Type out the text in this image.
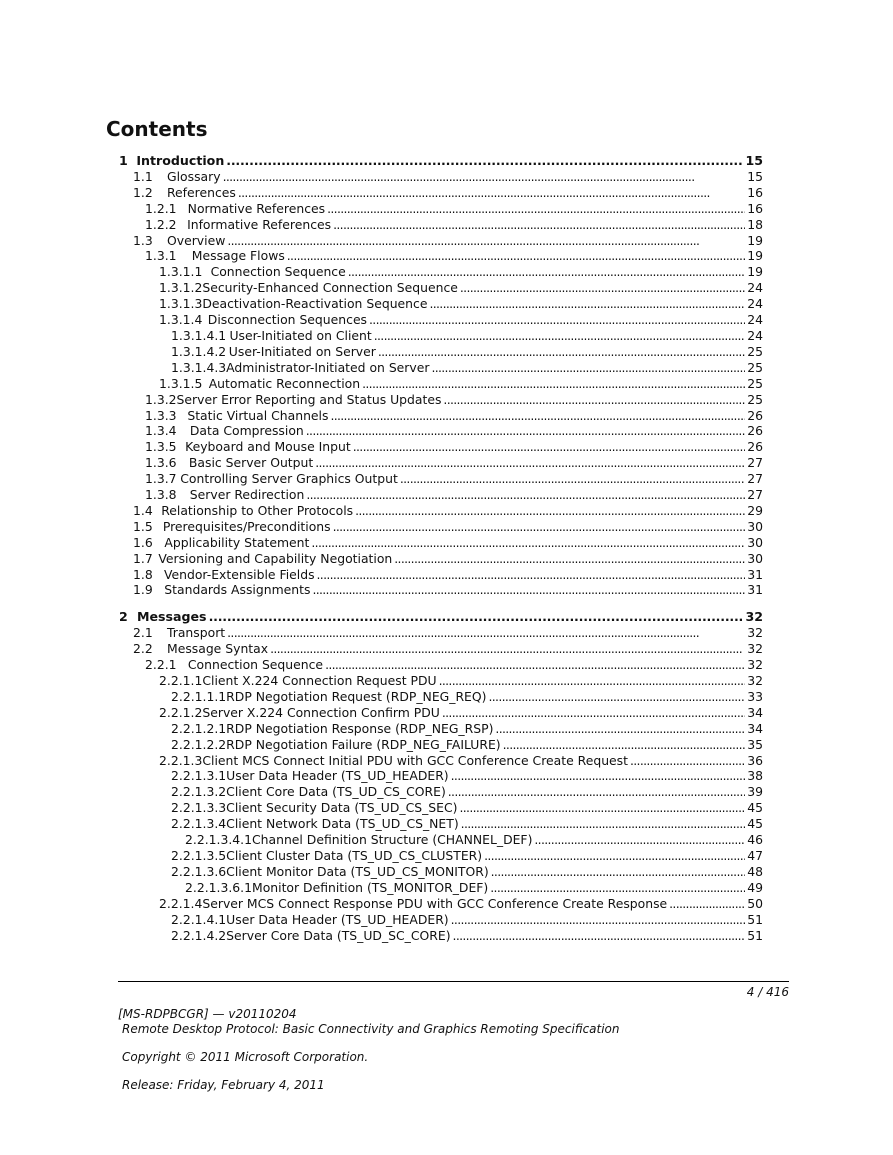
Contents
1 Introduction . . .	15
1.1	Glossary . . .	15
1.2	References . . .	16
1.2.1 Normative References . . .	16
1.2.2 Informative References . . .	18
1.3	Overview . . .	19
1.3.1	Message Flows . . .	19
1.3.1.1 Connection Sequence . . .	19
1.3.1.2 Security-Enhanced Connection Sequence . . .	24
1.3.1.3 Deactivation-Reactivation Sequence . . .	24
1.3.1.4 Disconnection Sequences . . .	24
1.3.1.4.1 User-Initiated on Client . . .	24
1.3.1.4.2 User-Initiated on Server . . .	25
1.3.1.4.3 Administrator-Initiated on Server . . .	25
1.3.1.5 Automatic Reconnection . . .	25
1.3.2 Server Error Reporting and Status Updates . . .	25
1.3.3 Static Virtual Channels . . .	26
1.3.4	Data Compression . . .	26
1.3.5 Keyboard and Mouse Input . . .	26
1.3.6 Basic Server Output . . .	27
1.3.7 Controlling Server Graphics Output . . .	27
1.3.8	Server Redirection . . .	27
1.4 Relationship to Other Protocols . . .	29
1.5 Prerequisites/Preconditions . . .	30
1.6 Applicability Statement . . .	30
1.7 Versioning and Capability Negotiation . . .	30
1.8 Vendor-Extensible Fields . . .	31
1.9 Standards Assignments . . .	31
2 Messages . . .	32
2.1	Transport . . .	32
2.2	Message Syntax . . .	32
2.2.1 Connection Sequence . . .	32
2.2.1.1 Client X.224 Connection Request PDU . . .	32
2.2.1.1.1 RDP Negotiation Request (RDP_NEG_REQ) . . .	33
2.2.1.2 Server X.224 Connection Confirm PDU . . .	34
2.2.1.2.1 RDP Negotiation Response (RDP_NEG_RSP) . . .	34
2.2.1.2.2 RDP Negotiation Failure (RDP_NEG_FAILURE) . . .	35
2.2.1.3 Client MCS Connect Initial PDU with GCC Conference Create Request . . .	36
2.2.1.3.1 User Data Header (TS_UD_HEADER) . . .	38
2.2.1.3.2 Client Core Data (TS_UD_CS_CORE) . . .	39
2.2.1.3.3 Client Security Data (TS_UD_CS_SEC) . . .	45
2.2.1.3.4 Client Network Data (TS_UD_CS_NET) . . .	45
2.2.1.3.4.1 Channel Definition Structure (CHANNEL_DEF) . . .	46
2.2.1.3.5 Client Cluster Data (TS_UD_CS_CLUSTER) . . .	47
2.2.1.3.6 Client Monitor Data (TS_UD_CS_MONITOR) . . .	48
2.2.1.3.6.1 Monitor Definition (TS_MONITOR_DEF) . . .	49
2.2.1.4 Server MCS Connect Response PDU with GCC Conference Create Response . . .	50
2.2.1.4.1 User Data Header (TS_UD_HEADER) . . .	51
2.2.1.4.2 Server Core Data (TS_UD_SC_CORE) . . .	51
4 / 416
[MS-RDPBCGR] — v20110204
Remote Desktop Protocol: Basic Connectivity and Graphics Remoting Specification
Copyright © 2011 Microsoft Corporation.
Release: Friday, February 4, 2011
